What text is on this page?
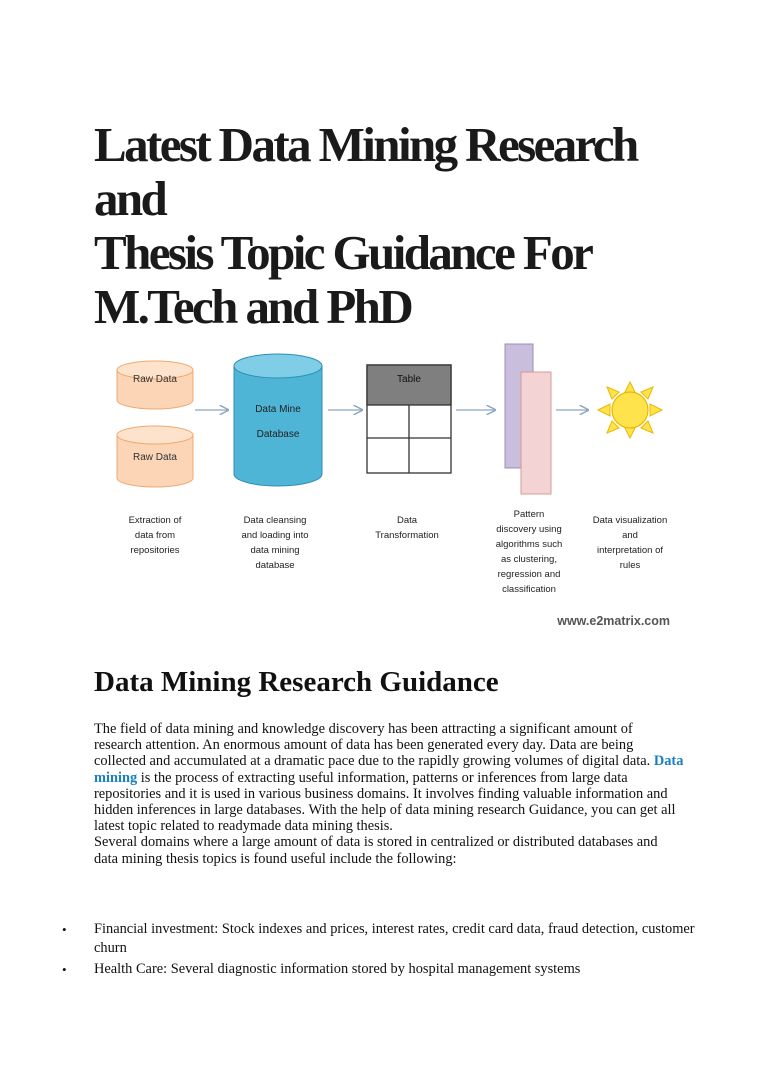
Latest Data Mining Research and
Thesis Topic Guidance For
M.Tech and PhD
Raw Data
Raw Data
Data Mine
Database
Table
Extraction of
data from
repositories
Data cleansing
and loading into
data mining
database
Data
Transformation
Pattern
discovery using
algorithms such
as clustering,
regression and
classification
Data visualization
and
interpretation of
rules
www.e2matrix.com
Data Mining Research Guidance

The field of data mining and knowledge discovery has been attracting a significant amount of research attention. An enormous amount of data has been generated every day. Data are being collected and accumulated at a dramatic pace due to the rapidly growing volumes of digital data. Data mining is the process of extracting useful information, patterns or inferences from large data repositories and it is used in various business domains. It involves finding valuable information and hidden inferences in large databases. With the help of data mining research Guidance, you can get all latest topic related to readymade data mining thesis.

Several domains where a large amount of data is stored in centralized or distributed databases and data mining thesis topics is found useful include the following:

• Financial investment: Stock indexes and prices, interest rates, credit card data, fraud detection, customer churn
• Health Care: Several diagnostic information stored by hospital management systems
